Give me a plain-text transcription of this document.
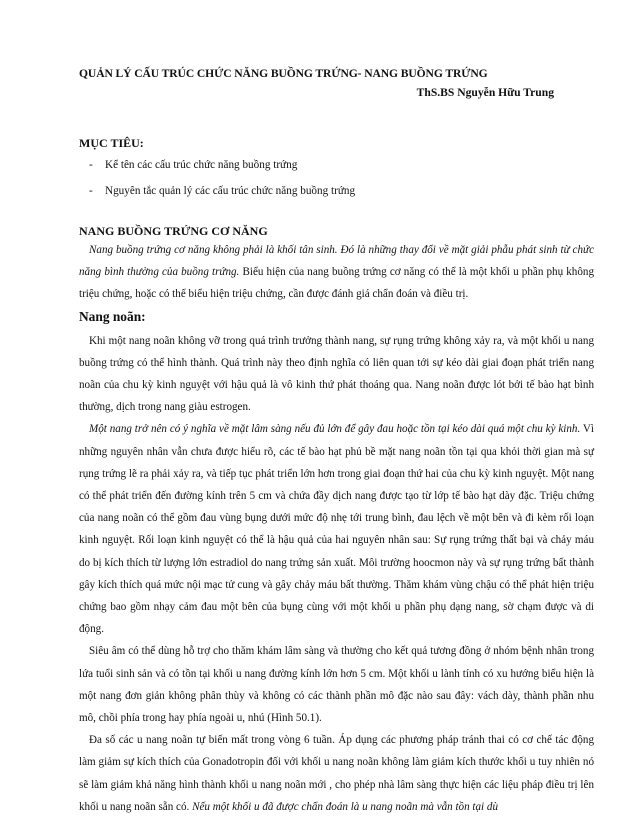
QUẢN LÝ CẤU TRÚC CHỨC NĂNG BUỒNG TRỨNG- NANG BUỒNG TRỨNG

ThS.BS Nguyễn Hữu Trung

MỤC TIÊU:

- Kể tên các cấu trúc chức năng buồng trứng
- Nguyên tắc quản lý các cấu trúc chức năng buồng trứng

NANG BUỒNG TRỨNG CƠ NĂNG

Nang buồng trứng cơ năng không phải là khối tân sinh. Đó là những thay đổi về mặt giải phẫu phát sinh từ chức năng bình thường của buồng trứng. Biểu hiện của nang buồng trứng cơ năng có thể là một khối u phần phụ không triệu chứng, hoặc có thể biểu hiện triệu chứng, cần được đánh giá chẩn đoán và điều trị.

Nang noãn:

Khi một nang noãn không vỡ trong quá trình trưởng thành nang, sự rụng trứng không xảy ra, và một khối u nang buồng trứng có thể hình thành. Quá trình này theo định nghĩa có liên quan tới sự kéo dài giai đoạn phát triển nang noãn của chu kỳ kinh nguyệt với hậu quả là vô kinh thứ phát thoáng qua. Nang noãn được lót bởi tế bào hạt bình thường, dịch trong nang giàu estrogen.

Một nang trở nên có ý nghĩa về mặt lâm sàng nếu đủ lớn để gây đau hoặc tồn tại kéo dài quá một chu kỳ kinh. Vì những nguyên nhân vẫn chưa được hiểu rõ, các tế bào hạt phủ bề mặt nang noãn tồn tại qua khỏi thời gian mà sự rụng trứng lẽ ra phải xảy ra, và tiếp tục phát triển lớn hơn trong giai đoạn thứ hai của chu kỳ kinh nguyệt. Một nang có thể phát triển đến đường kính trên 5 cm và chứa đầy dịch nang được tạo từ lớp tế bào hạt dày đặc. Triệu chứng của nang noãn có thể gồm đau vùng bụng dưới mức độ nhẹ tới trung bình, đau lệch về một bên và đi kèm rối loạn kinh nguyệt. Rối loạn kinh nguyệt có thể là hậu quả của hai nguyên nhân sau: Sự rụng trứng thất bại và chảy máu do bị kích thích từ lượng lớn estradiol do nang trứng sản xuất. Môi trường hoocmon này và sự rụng trứng bất thành gây kích thích quá mức nội mạc tử cung và gây chảy máu bất thường. Thăm khám vùng chậu có thể phát hiện triệu chứng bao gồm nhạy cảm đau một bên của bụng cùng với một khối u phần phụ dạng nang, sờ chạm được và di động.

Siêu âm có thể dùng hỗ trợ cho thăm khám lâm sàng và thường cho kết quả tương đồng ở nhóm bệnh nhân trong lứa tuổi sinh sản và có tồn tại khối u nang đường kính lớn hơn 5 cm. Một khối u lành tính có xu hướng biểu hiện là một nang đơn giản không phân thùy và không có các thành phần mô đặc nào sau đây: vách dày, thành phần nhu mô, chồi phía trong hay phía ngoài u, nhú (Hình 50.1).

Đa số các u nang noãn tự biến mất trong vòng 6 tuần. Áp dụng các phương pháp tránh thai có cơ chế tác động làm giảm sự kích thích của Gonadotropin đối với khối u nang noãn không làm giảm kích thước khối u tuy nhiên nó sẽ làm giảm khả năng hình thành khối u nang noãn mới , cho phép nhà lâm sàng thực hiện các liệu pháp điều trị lên khối u nang noãn sẵn có. Nếu một khối u đã được chẩn đoán là u nang noãn mà vẫn tồn tại dù
